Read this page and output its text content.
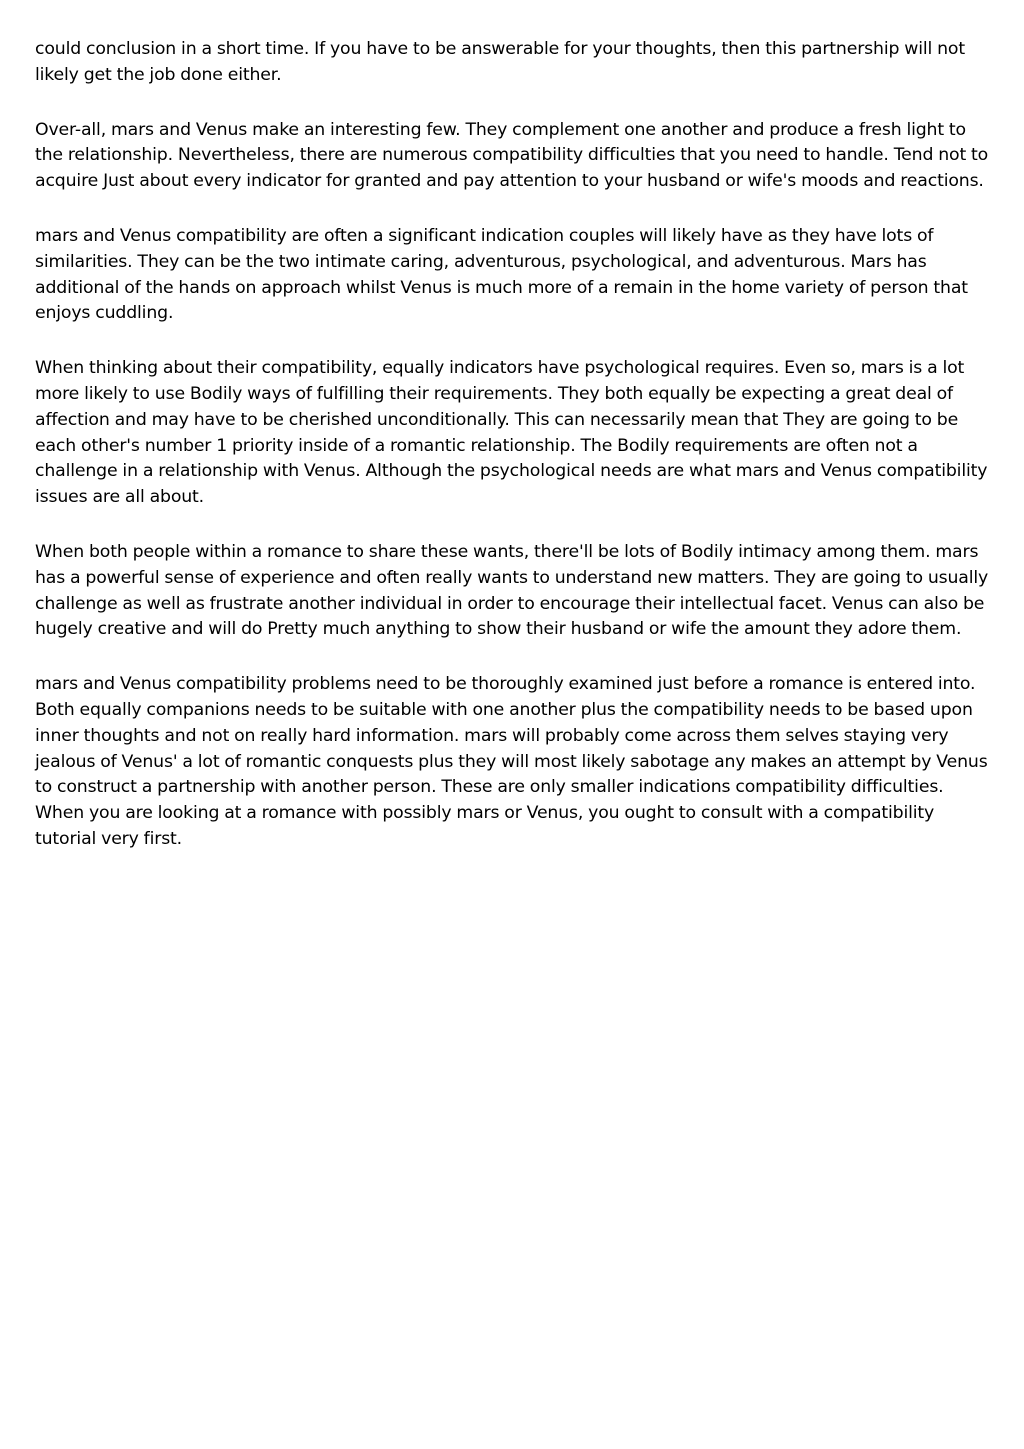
could conclusion in a short time. If you have to be answerable for your thoughts, then this partnership will not likely get the job done either.

Over-all, mars and Venus make an interesting few. They complement one another and produce a fresh light to the relationship. Nevertheless, there are numerous compatibility difficulties that you need to handle. Tend not to acquire Just about every indicator for granted and pay attention to your husband or wife's moods and reactions.

mars and Venus compatibility are often a significant indication couples will likely have as they have lots of similarities. They can be the two intimate caring, adventurous, psychological, and adventurous. Mars has additional of the hands on approach whilst Venus is much more of a remain in the home variety of person that enjoys cuddling.

When thinking about their compatibility, equally indicators have psychological requires. Even so, mars is a lot more likely to use Bodily ways of fulfilling their requirements. They both equally be expecting a great deal of affection and may have to be cherished unconditionally. This can necessarily mean that They are going to be each other's number 1 priority inside of a romantic relationship. The Bodily requirements are often not a challenge in a relationship with Venus. Although the psychological needs are what mars and Venus compatibility issues are all about.

When both people within a romance to share these wants, there'll be lots of Bodily intimacy among them. mars has a powerful sense of experience and often really wants to understand new matters. They are going to usually challenge as well as frustrate another individual in order to encourage their intellectual facet. Venus can also be hugely creative and will do Pretty much anything to show their husband or wife the amount they adore them.

mars and Venus compatibility problems need to be thoroughly examined just before a romance is entered into. Both equally companions needs to be suitable with one another plus the compatibility needs to be based upon inner thoughts and not on really hard information. mars will probably come across them selves staying very jealous of Venus' a lot of romantic conquests plus they will most likely sabotage any makes an attempt by Venus to construct a partnership with another person. These are only smaller indications compatibility difficulties. When you are looking at a romance with possibly mars or Venus, you ought to consult with a compatibility tutorial very first.
